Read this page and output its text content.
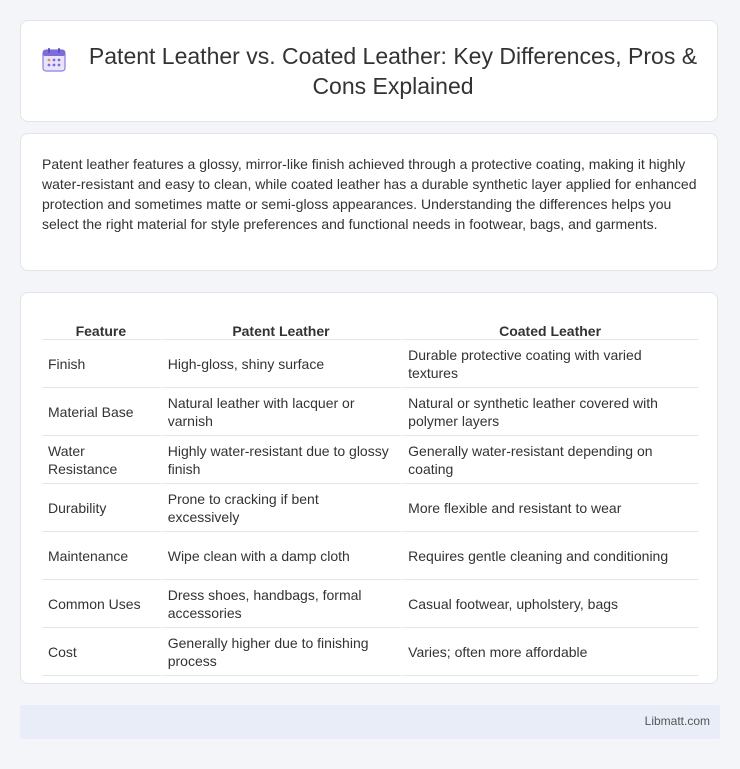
Patent Leather vs. Coated Leather: Key Differences, Pros & Cons Explained

Patent leather features a glossy, mirror-like finish achieved through a protective coating, making it highly water-resistant and easy to clean, while coated leather has a durable synthetic layer applied for enhanced protection and sometimes matte or semi-gloss appearances. Understanding the differences helps you select the right material for style preferences and functional needs in footwear, bags, and garments.

Feature	Patent Leather	Coated Leather
Finish	High-gloss, shiny surface	Durable protective coating with varied textures
Material Base	Natural leather with lacquer or varnish	Natural or synthetic leather covered with polymer layers
Water Resistance	Highly water-resistant due to glossy finish	Generally water-resistant depending on coating
Durability	Prone to cracking if bent excessively	More flexible and resistant to wear
Maintenance	Wipe clean with a damp cloth	Requires gentle cleaning and conditioning
Common Uses	Dress shoes, handbags, formal accessories	Casual footwear, upholstery, bags
Cost	Generally higher due to finishing process	Varies; often more affordable
Libmatt.com
